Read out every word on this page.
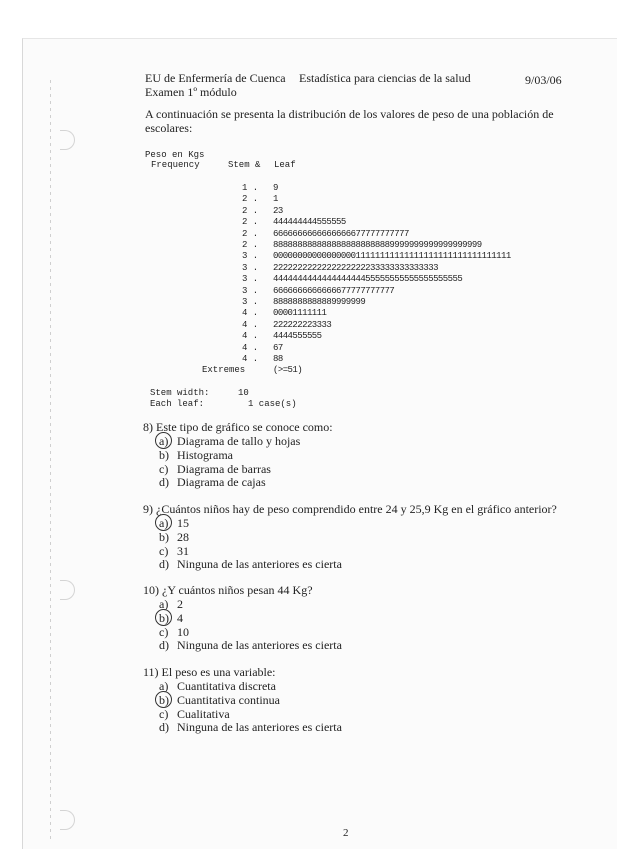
EU de Enfermería de Cuenca Estadística para ciencias de la salud	9/03/06
Examen 1º módulo
A continuación se presenta la distribución de los valores de peso de una población de escolares:
Peso en Kgs
Frequency	Stem & Leaf
1 . 9
2 . 1
2 . 23
2 . 444444444555555
2 . 6666666666666666677777777777
2 . 8888888888888888888888889999999999999999999
3 . 0000000000000000011111111111111111111111111111111
3 . 2222222222222222222233333333333333
3 . 444444444444444444455555555555555555555
3 . 6666666666666677777777777
3 . 8888888888889999999
4 . 00001111111
4 . 222222223333
4 . 4444555555
4 . 67
4 . 88
Extremes	(>=51)
Stem width:	10
Each leaf:	1 case(s)
8) Este tipo de gráfico se conoce como:
a) Diagrama de tallo y hojas
b) Histograma
c) Diagrama de barras
d) Diagrama de cajas
9) ¿Cuántos niños hay de peso comprendido entre 24 y 25,9 Kg en el gráfico anterior?
a) 15
b) 28
c) 31
d) Ninguna de las anteriores es cierta
10) ¿Y cuántos niños pesan 44 Kg?
a) 2
b) 4
c) 10
d) Ninguna de las anteriores es cierta
11) El peso es una variable:
a) Cuantitativa discreta
b) Cuantitativa continua
c) Cualitativa
d) Ninguna de las anteriores es cierta
2
